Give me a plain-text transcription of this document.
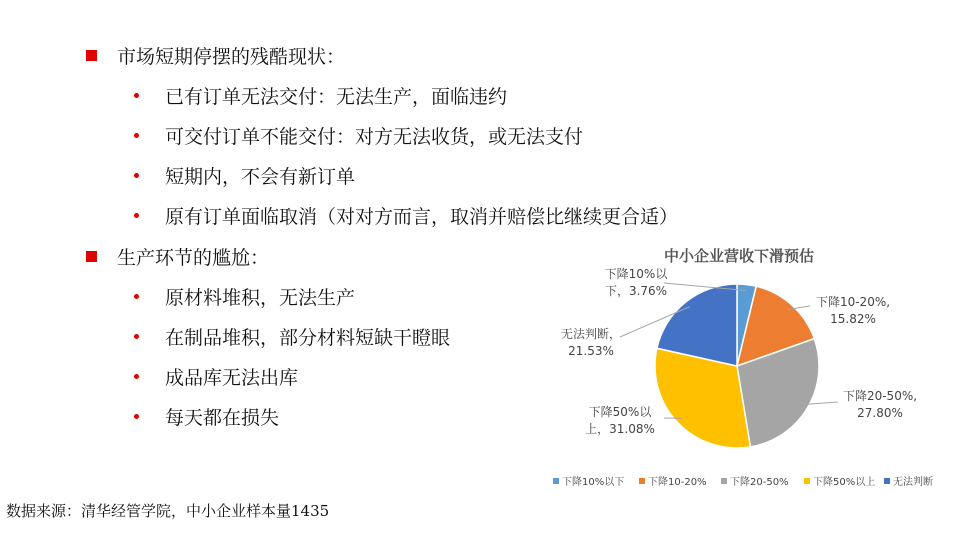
市场短期停摆的残酷现状：
已有订单无法交付：无法生产，面临违约
可交付订单不能交付：对方无法收货，或无法支付
短期内，不会有新订单
原有订单面临取消（对对方而言，取消并赔偿比继续更合适）
生产环节的尴尬：
原材料堆积，无法生产
在制品堆积，部分材料短缺干瞪眼
成品库无法出库
每天都在损失
数据来源：清华经管学院，中小企业样本量1435
中小企业营收下滑预估
下降10%以下，3.76%
下降10-20%, 15.82%
下降20-50%, 27.80%
下降50%以上，31.08%
无法判断， 21.53%
下降10%以下 下降10-20% 下降20-50% 下降50%以上 无法判断
